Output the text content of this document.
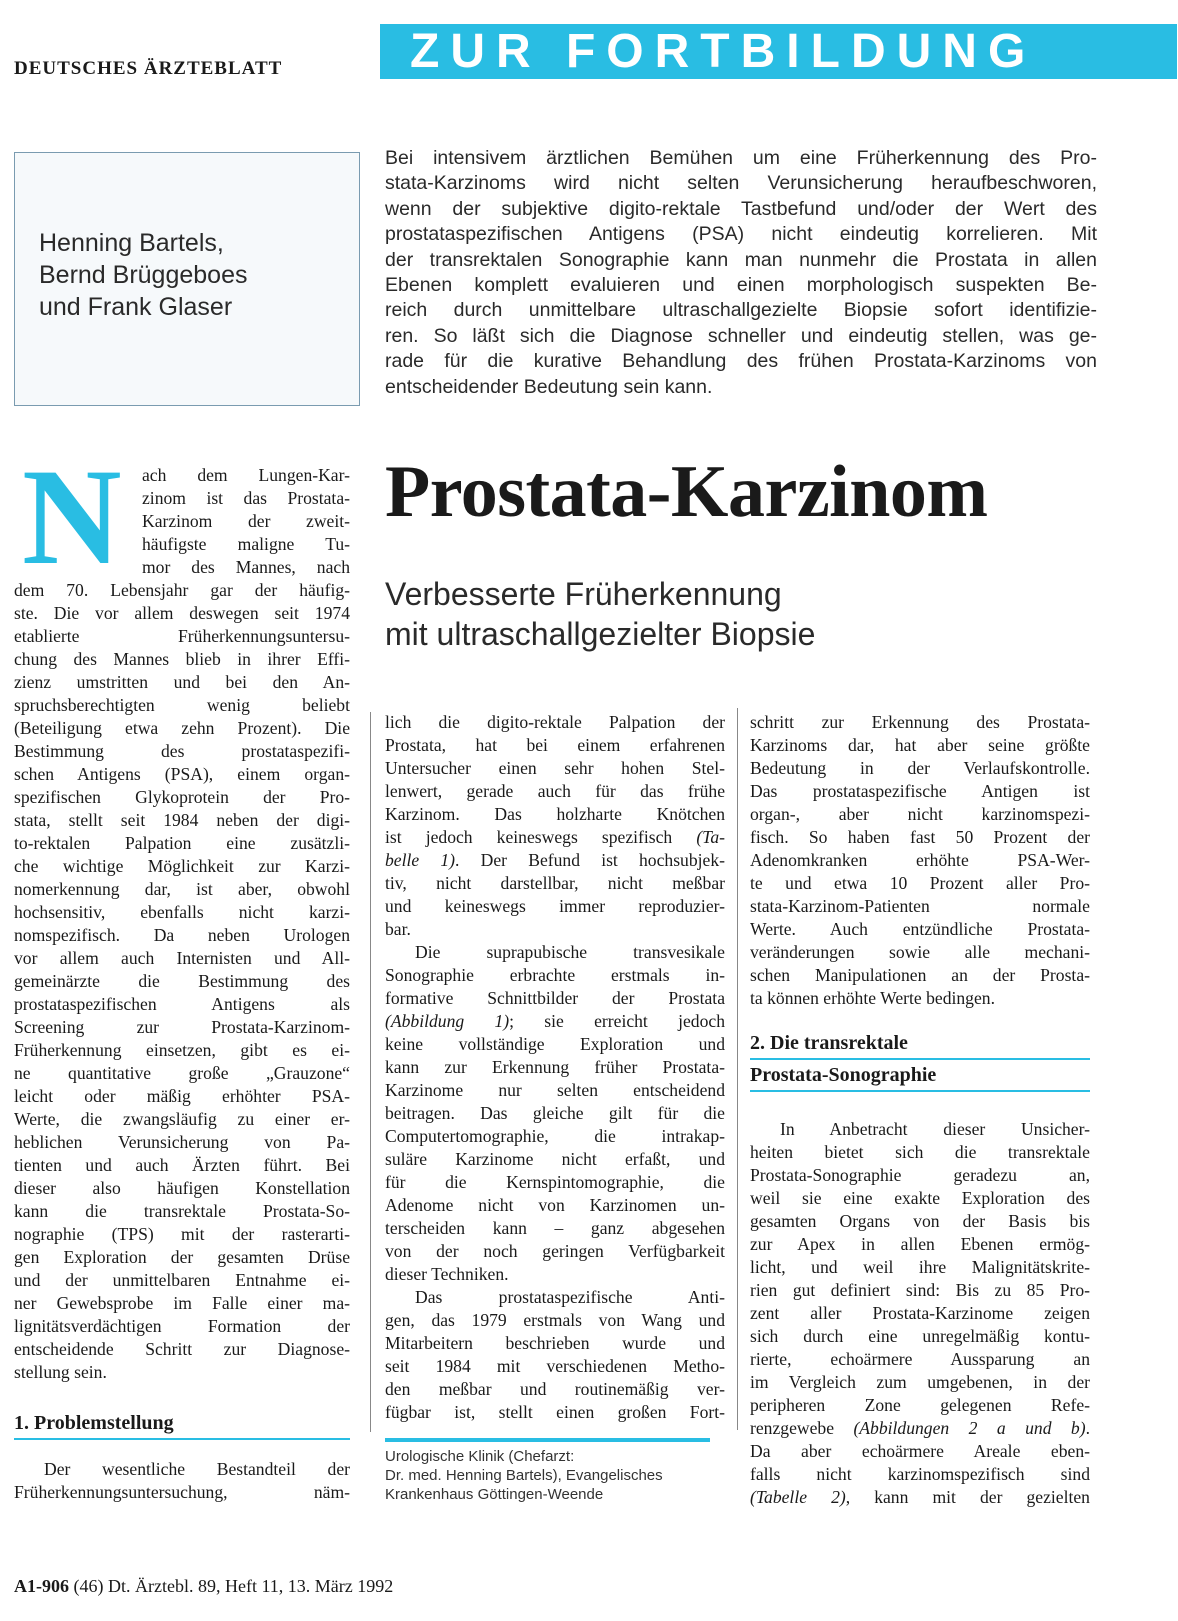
DEUTSCHES ÄRZTEBLATT	ZUR FORTBILDUNG
Henning Bartels,
Bernd Brüggeboes
und Frank Glaser
Bei intensivem ärztlichen Bemühen um eine Früherkennung des Pro-
stata-Karzinoms wird nicht selten Verunsicherung heraufbeschworen,
wenn der subjektive digito-rektale Tastbefund und/oder der Wert des
prostataspezifischen Antigens (PSA) nicht eindeutig korrelieren. Mit
der transrektalen Sonographie kann man nunmehr die Prostata in allen
Ebenen komplett evaluieren und einen morphologisch suspekten Be-
reich durch unmittelbare ultraschallgezielte Biopsie sofort identifizie-
ren. So läßt sich die Diagnose schneller und eindeutig stellen, was ge-
rade für die kurative Behandlung des frühen Prostata-Karzinoms von
entscheidender Bedeutung sein kann.
Prostata-Karzinom
Verbesserte Früherkennung
mit ultraschallgezielter Biopsie
N	ach dem Lungen-Kar-
zinom ist das Prostata-
Karzinom der zweit-
häufigste maligne Tu-
mor des Mannes, nach
dem 70. Lebensjahr gar der häufig-
ste. Die vor allem deswegen seit 1974
etablierte Früherkennungsuntersu-
chung des Mannes blieb in ihrer Effi-
zienz umstritten und bei den An-
spruchsberechtigten wenig beliebt
(Beteiligung etwa zehn Prozent). Die
Bestimmung des prostataspezifi-
schen Antigens (PSA), einem organ-
spezifischen Glykoprotein der Pro-
stata, stellt seit 1984 neben der digi-
to-rektalen Palpation eine zusätzli-
che wichtige Möglichkeit zur Karzi-
nomerkennung dar, ist aber, obwohl
hochsensitiv, ebenfalls nicht karzi-
nomspezifisch. Da neben Urologen
vor allem auch Internisten und All-
gemeinärzte die Bestimmung des
prostataspezifischen Antigens als
Screening zur Prostata-Karzinom-
Früherkennung einsetzen, gibt es ei-
ne quantitative große „Grauzone“
leicht oder mäßig erhöhter PSA-
Werte, die zwangsläufig zu einer er-
heblichen Verunsicherung von Pa-
tienten und auch Ärzten führt. Bei
dieser also häufigen Konstellation
kann die transrektale Prostata-So-
nographie (TPS) mit der rasterarti-
gen Exploration der gesamten Drüse
und der unmittelbaren Entnahme ei-
ner Gewebsprobe im Falle einer ma-
lignitätsverdächtigen Formation der
entscheidende Schritt zur Diagnose-
stellung sein.
1. Problemstellung
Der wesentliche Bestandteil der
Früherkennungsuntersuchung, näm-
lich die digito-rektale Palpation der
Prostata, hat bei einem erfahrenen
Untersucher einen sehr hohen Stel-
lenwert, gerade auch für das frühe
Karzinom. Das holzharte Knötchen
ist jedoch keineswegs spezifisch (Ta-
belle 1). Der Befund ist hochsubjek-
tiv, nicht darstellbar, nicht meßbar
und keineswegs immer reproduzier-
bar.
Die suprapubische transvesikale
Sonographie erbrachte erstmals in-
formative Schnittbilder der Prostata
(Abbildung 1); sie erreicht jedoch
keine vollständige Exploration und
kann zur Erkennung früher Prostata-
Karzinome nur selten entscheidend
beitragen. Das gleiche gilt für die
Computertomographie, die intrakap-
suläre Karzinome nicht erfaßt, und
für die Kernspintomographie, die
Adenome nicht von Karzinomen un-
terscheiden kann – ganz abgesehen
von der noch geringen Verfügbarkeit
dieser Techniken.
Das prostataspezifische Anti-
gen, das 1979 erstmals von Wang und
Mitarbeitern beschrieben wurde und
seit 1984 mit verschiedenen Metho-
den meßbar und routinemäßig ver-
fügbar ist, stellt einen großen Fort-
Urologische Klinik (Chefarzt:
Dr. med. Henning Bartels), Evangelisches
Krankenhaus Göttingen-Weende
schritt zur Erkennung des Prostata-
Karzinoms dar, hat aber seine größte
Bedeutung in der Verlaufskontrolle.
Das prostataspezifische Antigen ist
organ-, aber nicht karzinomspezi-
fisch. So haben fast 50 Prozent der
Adenomkranken erhöhte PSA-Wer-
te und etwa 10 Prozent aller Pro-
stata-Karzinom-Patienten normale
Werte. Auch entzündliche Prostata-
veränderungen sowie alle mechani-
schen Manipulationen an der Prosta-
ta können erhöhte Werte bedingen.
2. Die transrektale
Prostata-Sonographie
In Anbetracht dieser Unsicher-
heiten bietet sich die transrektale
Prostata-Sonographie geradezu an,
weil sie eine exakte Exploration des
gesamten Organs von der Basis bis
zur Apex in allen Ebenen ermög-
licht, und weil ihre Malignitätskrite-
rien gut definiert sind: Bis zu 85 Pro-
zent aller Prostata-Karzinome zeigen
sich durch eine unregelmäßig kontu-
rierte, echoärmere Aussparung an
im Vergleich zum umgebenen, in der
peripheren Zone gelegenen Refe-
renzgewebe (Abbildungen 2 a und b).
Da aber echoärmere Areale eben-
falls nicht karzinomspezifisch sind
(Tabelle 2), kann mit der gezielten
A1-906 (46) Dt. Ärztebl. 89, Heft 11, 13. März 1992
